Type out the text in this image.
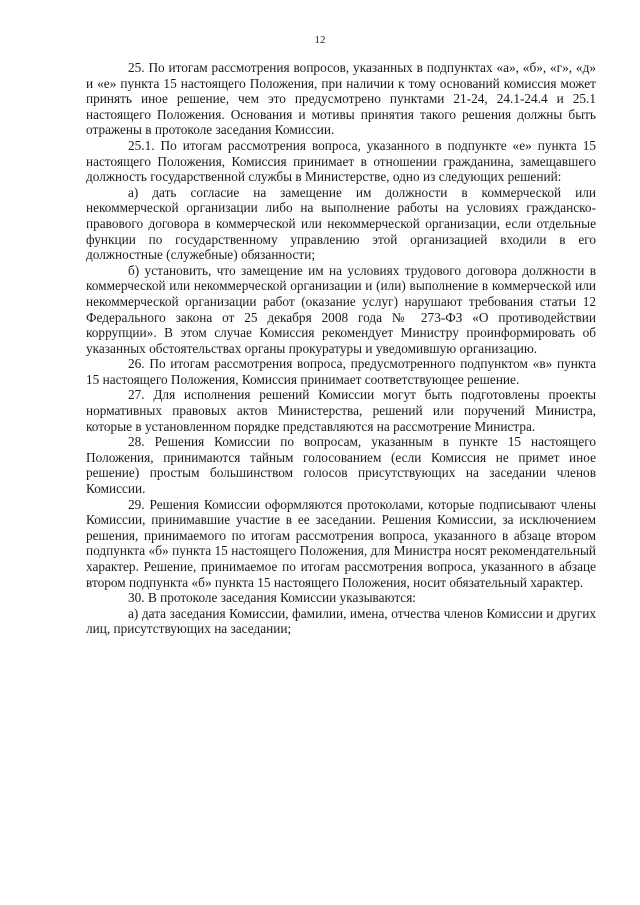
12

25. По итогам рассмотрения вопросов, указанных в подпунктах «а», «б», «г», «д» и «е» пункта 15 настоящего Положения, при наличии к тому оснований комиссия может принять иное решение, чем это предусмотрено пунктами 21-24, 24.1-24.4 и 25.1 настоящего Положения. Основания и мотивы принятия такого решения должны быть отражены в протоколе заседания Комиссии.

25.1. По итогам рассмотрения вопроса, указанного в подпункте «е» пункта 15 настоящего Положения, Комиссия принимает в отношении гражданина, замещавшего должность государственной службы в Министерстве, одно из следующих решений:

а) дать согласие на замещение им должности в коммерческой или некоммерческой организации либо на выполнение работы на условиях гражданско-правового договора в коммерческой или некоммерческой организации, если отдельные функции по государственному управлению этой организацией входили в его должностные (служебные) обязанности;

б) установить, что замещение им на условиях трудового договора должности в коммерческой или некоммерческой организации и (или) выполнение в коммерческой или некоммерческой организации работ (оказание услуг) нарушают требования статьи 12 Федерального закона от 25 декабря 2008 года № 273-ФЗ «О противодействии коррупции». В этом случае Комиссия рекомендует Министру проинформировать об указанных обстоятельствах органы прокуратуры и уведомившую организацию.

26. По итогам рассмотрения вопроса, предусмотренного подпунктом «в» пункта 15 настоящего Положения, Комиссия принимает соответствующее решение.

27. Для исполнения решений Комиссии могут быть подготовлены проекты нормативных правовых актов Министерства, решений или поручений Министра, которые в установленном порядке представляются на рассмотрение Министра.

28. Решения Комиссии по вопросам, указанным в пункте 15 настоящего Положения, принимаются тайным голосованием (если Комиссия не примет иное решение) простым большинством голосов присутствующих на заседании членов Комиссии.

29. Решения Комиссии оформляются протоколами, которые подписывают члены Комиссии, принимавшие участие в ее заседании. Решения Комиссии, за исключением решения, принимаемого по итогам рассмотрения вопроса, указанного в абзаце втором подпункта «б» пункта 15 настоящего Положения, для Министра носят рекомендательный характер. Решение, принимаемое по итогам рассмотрения вопроса, указанного в абзаце втором подпункта «б» пункта 15 настоящего Положения, носит обязательный характер.

30. В протоколе заседания Комиссии указываются:

а) дата заседания Комиссии, фамилии, имена, отчества членов Комиссии и других лиц, присутствующих на заседании;
